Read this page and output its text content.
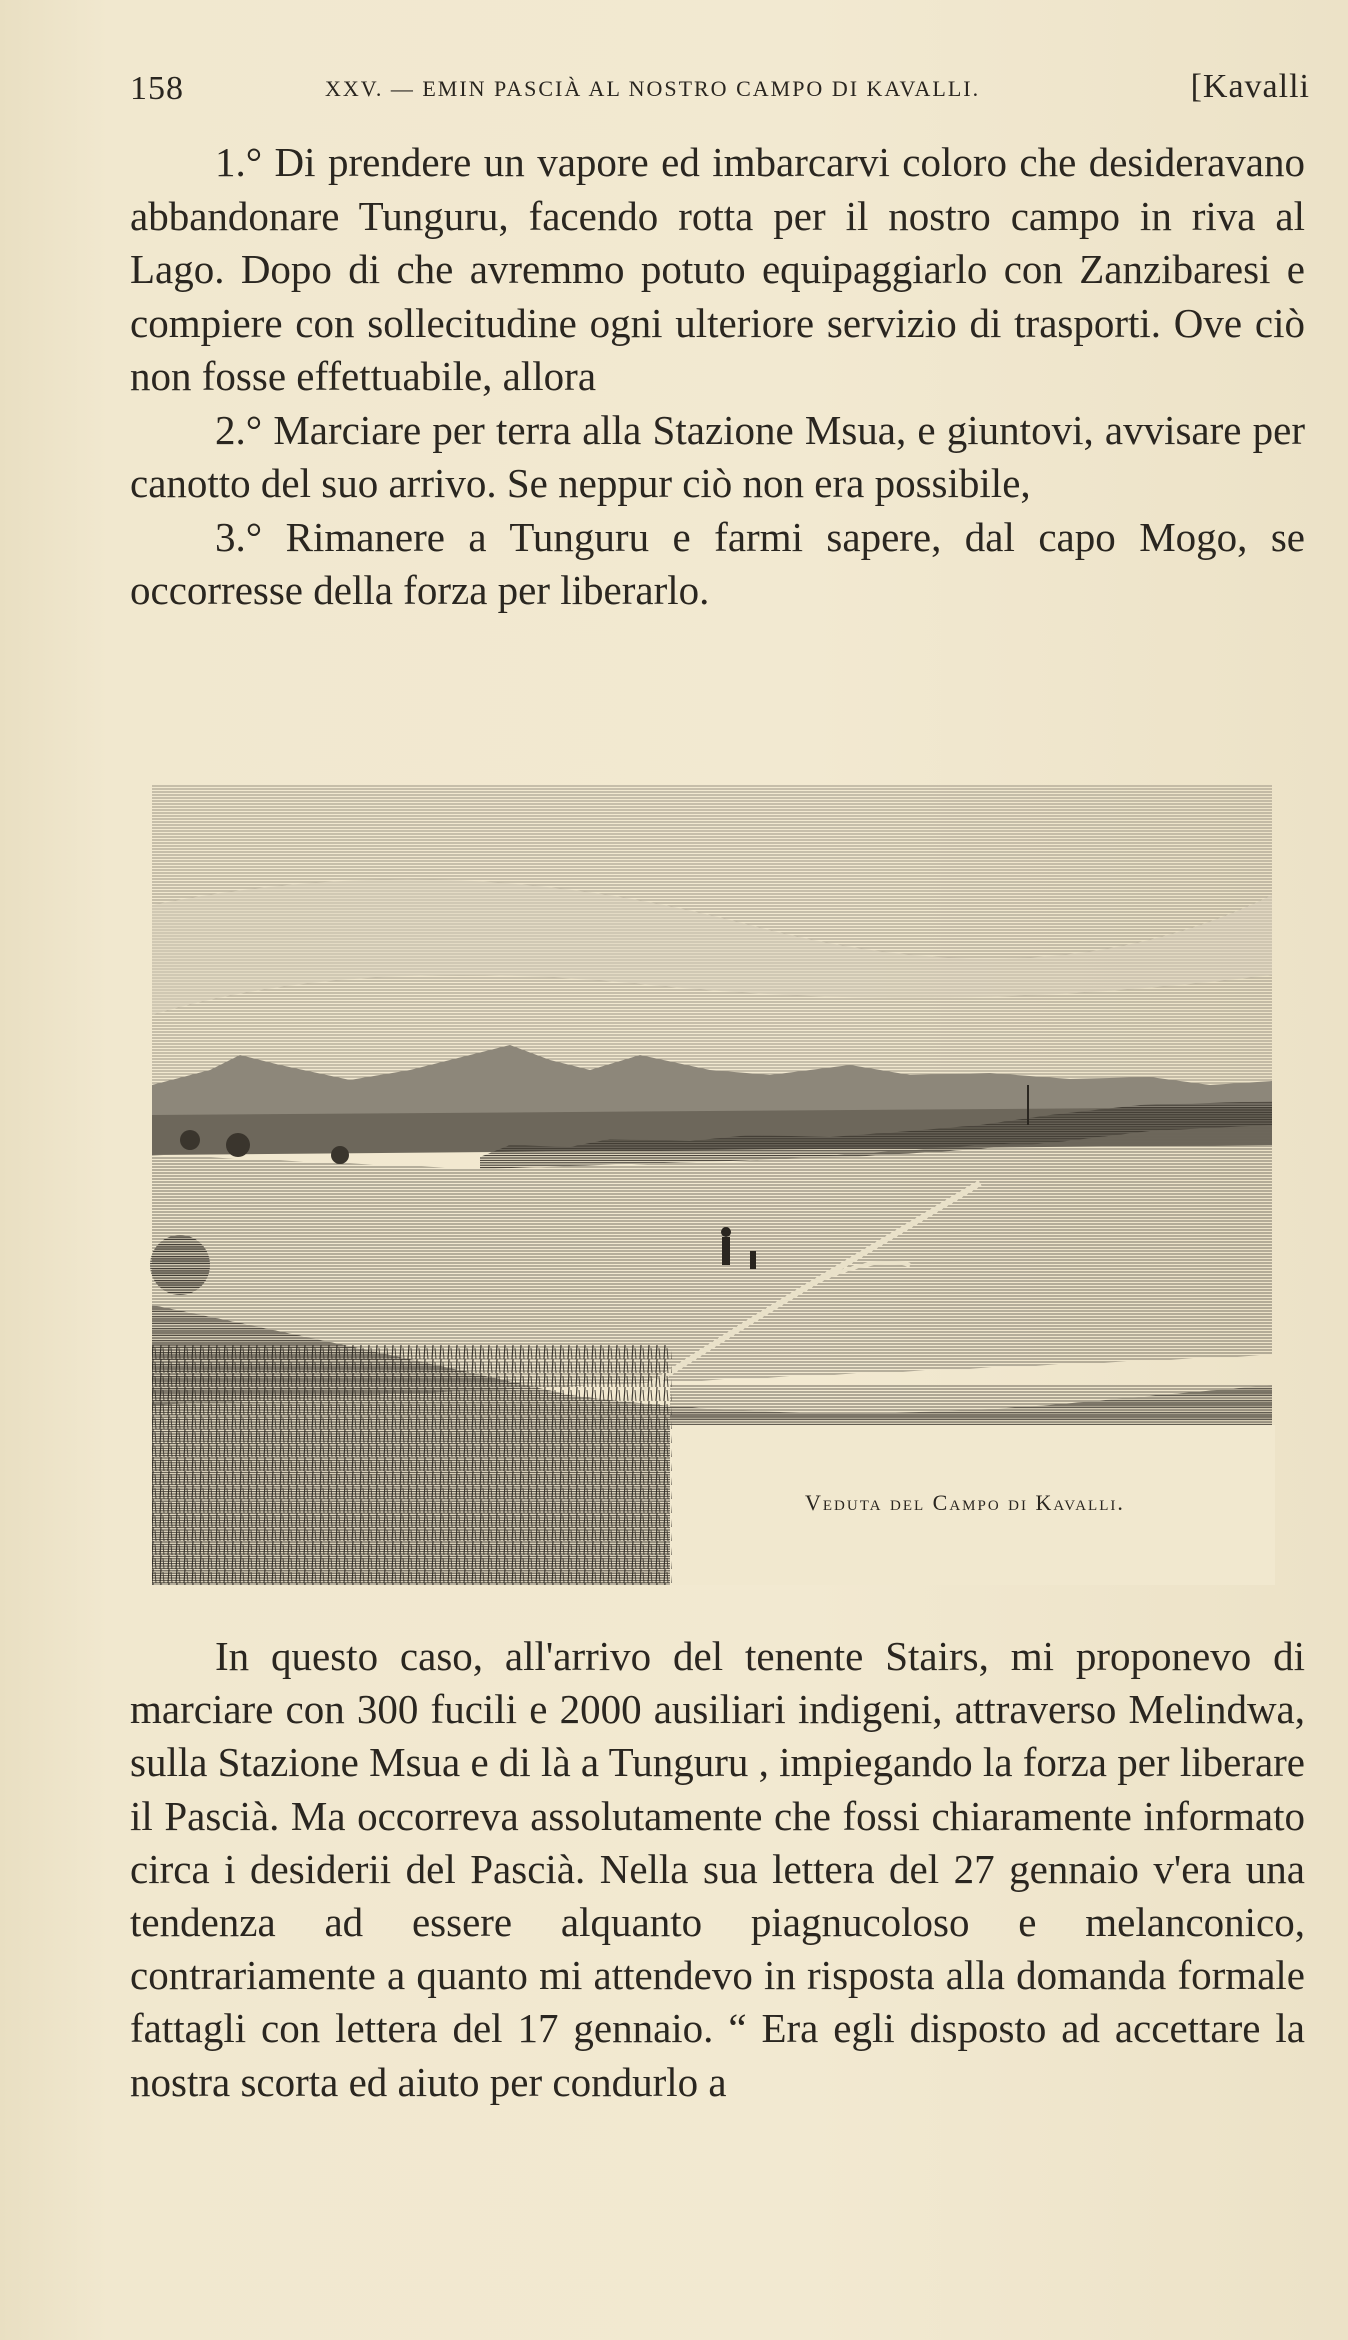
158	XXV. — EMIN PASCIÀ AL NOSTRO CAMPO DI KAVALLI.	[Kavalli

1.° Di prendere un vapore ed imbarcarvi coloro che desideravano abbandonare Tunguru, facendo rotta per il nostro campo in riva al Lago. Dopo di che avremmo potuto equipaggiarlo con Zanzibaresi e compiere con sollecitudine ogni ulteriore servizio di trasporti. Ove ciò non fosse effettuabile, allora

2.° Marciare per terra alla Stazione Msua, e giuntovi, avvisare per canotto del suo arrivo. Se neppur ciò non era possibile,

3.° Rimanere a Tunguru e farmi sapere, dal capo Mogo, se occorresse della forza per liberarlo.

Veduta del Campo di Kavalli.

In questo caso, all'arrivo del tenente Stairs, mi proponevo di marciare con 300 fucili e 2000 ausiliari indigeni, attraverso Melindwa, sulla Stazione Msua e di là a Tunguru , impiegando la forza per liberare il Pascià. Ma occorreva assolutamente che fossi chiaramente informato circa i desiderii del Pascià. Nella sua lettera del 27 gennaio v'era una tendenza ad essere alquanto piagnucoloso e melanconico, contrariamente a quanto mi attendevo in risposta alla domanda formale fattagli con lettera del 17 gennaio. “ Era egli disposto ad accettare la nostra scorta ed aiuto per condurlo a
